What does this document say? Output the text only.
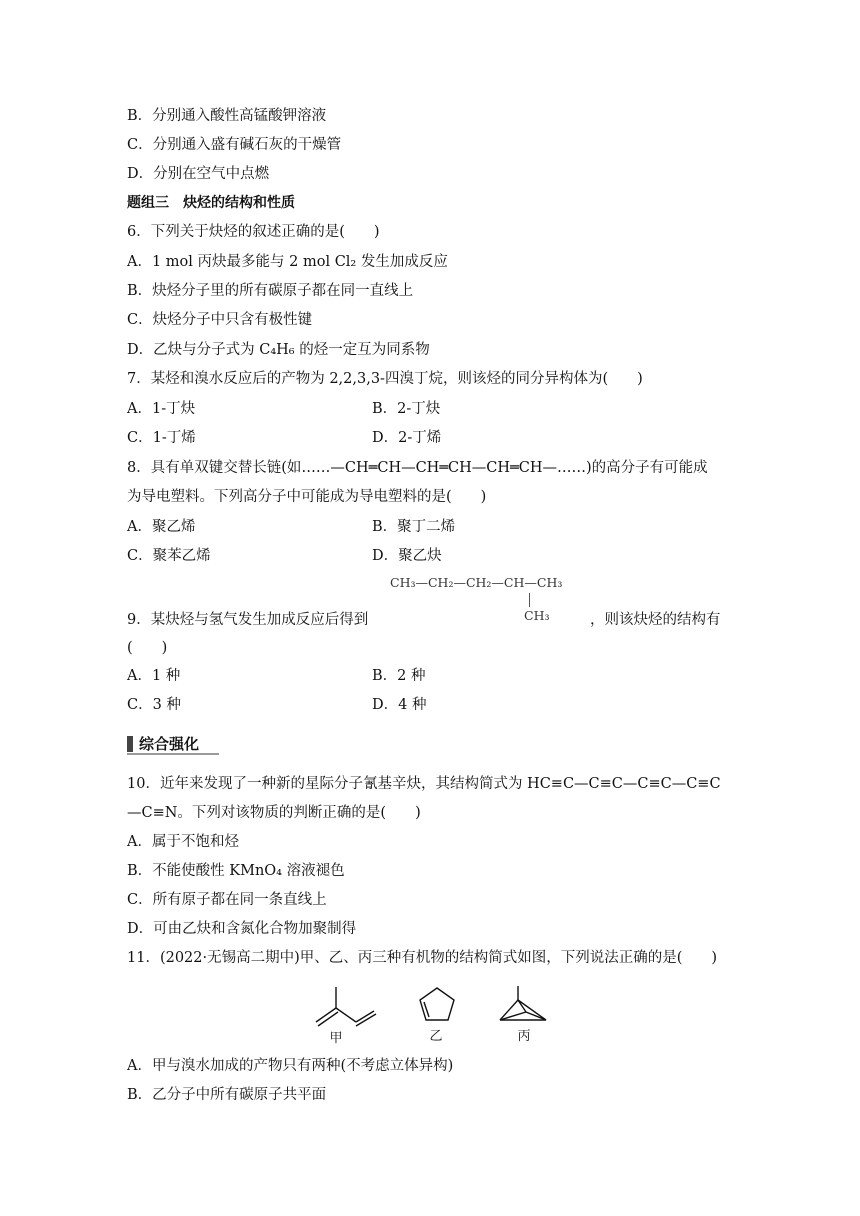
B．分别通入酸性高锰酸钾溶液
C．分别通入盛有碱石灰的干燥管
D．分别在空气中点燃
题组三　炔烃的结构和性质
6．下列关于炔烃的叙述正确的是(　　)
A．1 mol 丙炔最多能与 2 mol Cl₂ 发生加成反应
B．炔烃分子里的所有碳原子都在同一直线上
C．炔烃分子中只含有极性键
D．乙炔与分子式为 C₄H₆ 的烃一定互为同系物
7．某烃和溴水反应后的产物为 2,2,3,3-四溴丁烷，则该烃的同分异构体为(　　)
A．1-丁炔	B．2-丁炔
C．1-丁烯	D．2-丁烯
8．具有单双键交替长链(如……—CH═CH—CH═CH—CH═CH—……)的高分子有可能成
为导电塑料。下列高分子中可能成为导电塑料的是(　　)
A．聚乙烯	B．聚丁二烯
C．聚苯乙烯	D．聚乙炔
CH₃—CH₂—CH₂—CH—CH₃
CH₃
9．某炔烃与氢气发生加成反应后得到	，则该炔烃的结构有
(　　)
A．1 种	B．2 种
C．3 种	D．4 种
综合强化
10．近年来发现了一种新的星际分子氰基辛炔，其结构简式为 HC≡C—C≡C—C≡C—C≡C
—C≡N。下列对该物质的判断正确的是(　　)
A．属于不饱和烃
B．不能使酸性 KMnO₄ 溶液褪色
C．所有原子都在同一条直线上
D．可由乙炔和含氮化合物加聚制得
11．(2022·无锡高二期中)甲、乙、丙三种有机物的结构简式如图，下列说法正确的是(　　)
甲	乙	丙
A．甲与溴水加成的产物只有两种(不考虑立体异构)
B．乙分子中所有碳原子共平面
